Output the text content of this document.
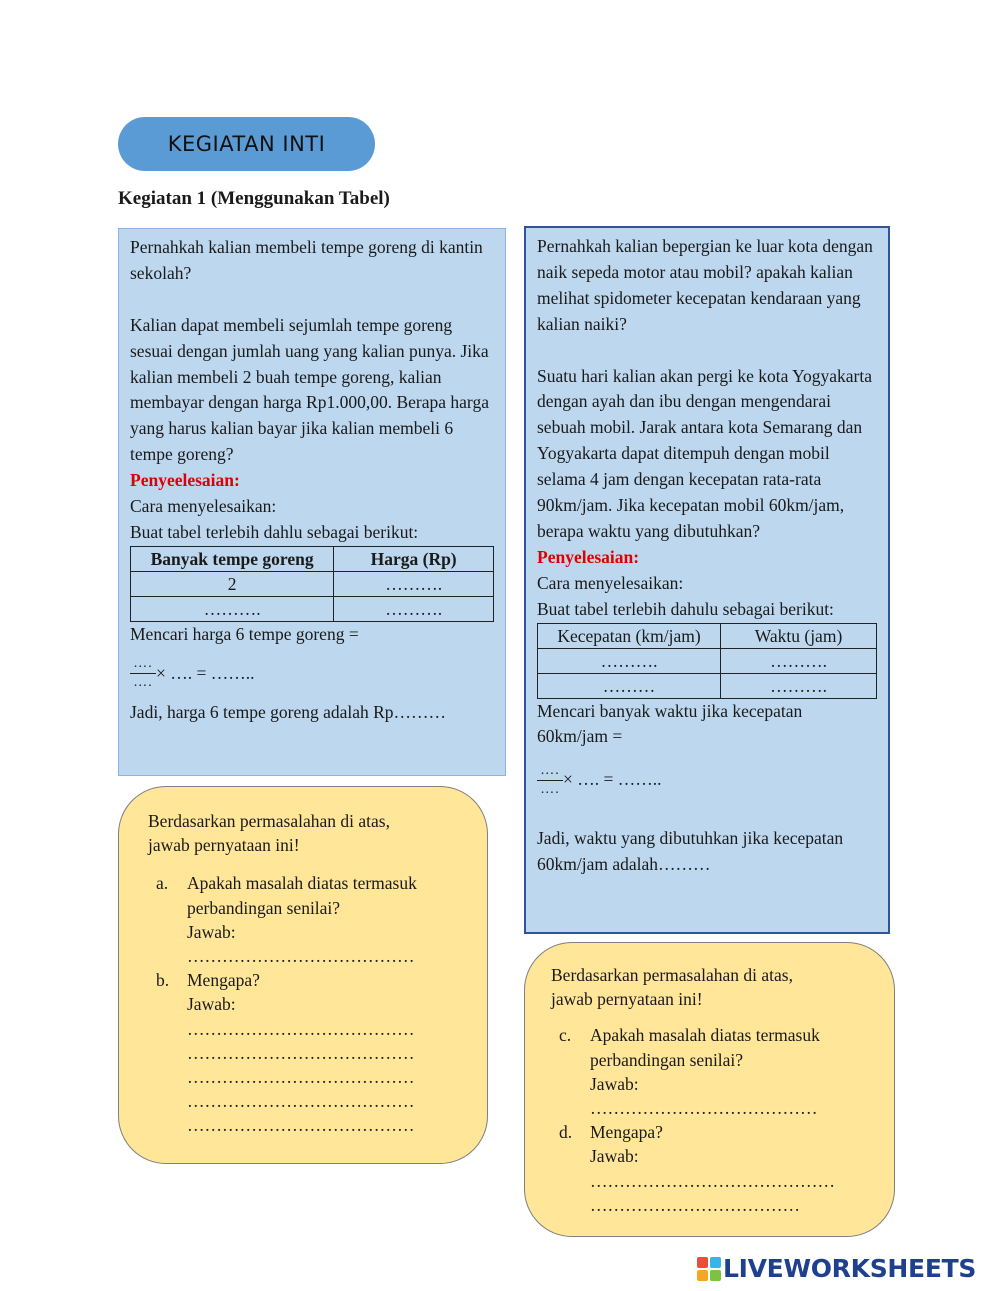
KEGIATAN INTI
Kegiatan 1 (Menggunakan Tabel)

Pernahkah kalian membeli tempe goreng di kantin sekolah?

Kalian dapat membeli sejumlah tempe goreng sesuai dengan jumlah uang yang kalian punya. Jika kalian membeli 2 buah tempe goreng, kalian membayar dengan harga Rp1.000,00. Berapa harga yang harus kalian bayar jika kalian membeli 6 tempe goreng?

Penyeelesaian:

Cara menyelesaikan:

Buat tabel terlebih dahlu sebagai berikut:

Banyak tempe goreng	Harga (Rp)
2	……….
……….	……….

Mencari harga 6 tempe goreng =

….
…. × …. = ……..

Jadi, harga 6 tempe goreng adalah Rp………

Berdasarkan permasalahan di atas,

jawab pernyataan ini!

a.	Apakah masalah diatas termasuk

perbandingan senilai?

Jawab:

…………………………………

b.	Mengapa?

Jawab:

…………………………………

…………………………………

…………………………………

…………………………………

…………………………………

Pernahkah kalian bepergian ke luar kota dengan naik sepeda motor atau mobil? apakah kalian melihat spidometer kecepatan kendaraan yang kalian naiki?

Suatu hari kalian akan pergi ke kota Yogyakarta dengan ayah dan ibu dengan mengendarai sebuah mobil. Jarak antara kota Semarang dan Yogyakarta dapat ditempuh dengan mobil selama 4 jam dengan kecepatan rata-rata 90km/jam. Jika kecepatan mobil 60km/jam, berapa waktu yang dibutuhkan?

Penyelesaian:

Cara menyelesaikan:

Buat tabel terlebih dahulu sebagai berikut:

Kecepatan (km/jam)	Waktu (jam)
……….	……….
………	……….

Mencari banyak waktu jika kecepatan 60km/jam =

….
…. × …. = ……..

Jadi, waktu yang dibutuhkan jika kecepatan 60km/jam adalah………

Berdasarkan permasalahan di atas,

jawab pernyataan ini!

c.	Apakah masalah diatas termasuk

perbandingan senilai?

Jawab:

…………………………………

d.	Mengapa?

Jawab:

……………………………………

………………………………

LIVEWORKSHEETS
